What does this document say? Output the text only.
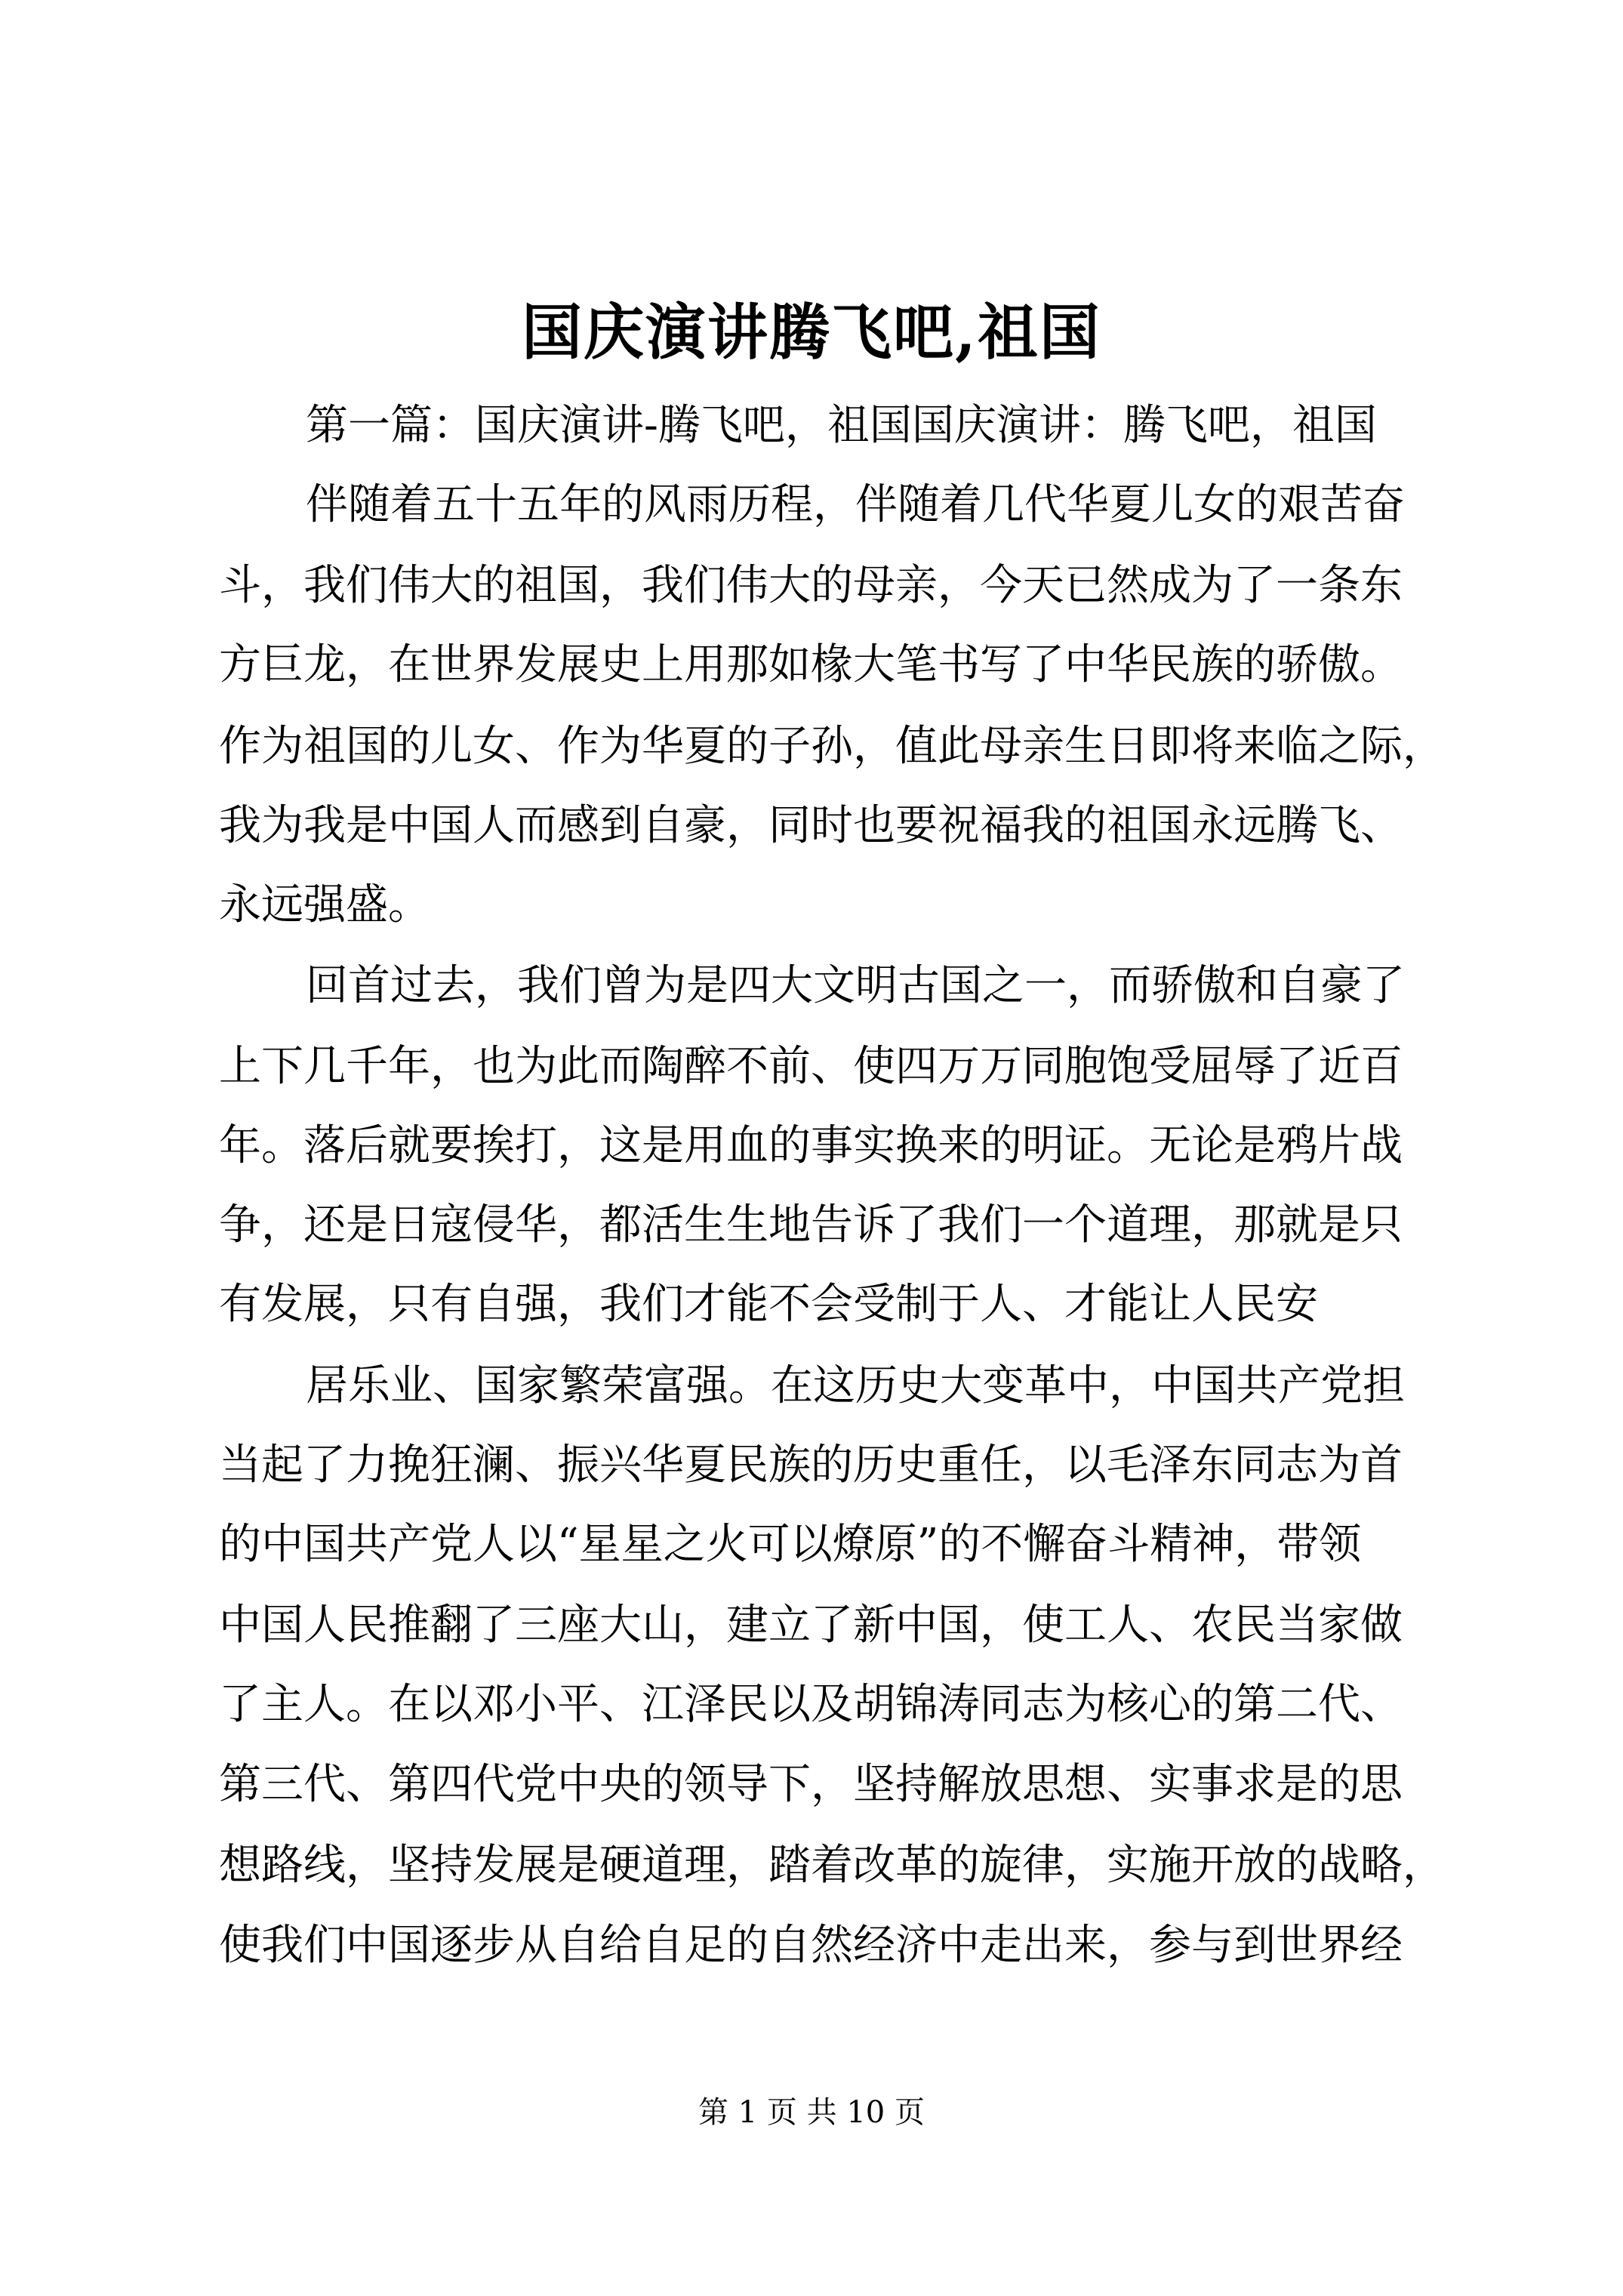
国庆演讲腾飞吧,祖国
第一篇：国庆演讲-腾飞吧，祖国国庆演讲：腾飞吧，祖国
伴随着五十五年的风雨历程，伴随着几代华夏儿女的艰苦奋
斗，我们伟大的祖国，我们伟大的母亲，今天已然成为了一条东
方巨龙，在世界发展史上用那如椽大笔书写了中华民族的骄傲。
作为祖国的儿女、作为华夏的子孙，值此母亲生日即将来临之际，
我为我是中国人而感到自豪，同时也要祝福我的祖国永远腾飞、
永远强盛。
回首过去，我们曾为是四大文明古国之一，而骄傲和自豪了
上下几千年，也为此而陶醉不前、使四万万同胞饱受屈辱了近百
年。落后就要挨打，这是用血的事实换来的明证。无论是鸦片战
争，还是日寇侵华，都活生生地告诉了我们一个道理，那就是只
有发展，只有自强，我们才能不会受制于人、才能让人民安
居乐业、国家繁荣富强。在这历史大变革中，中国共产党担
当起了力挽狂澜、振兴华夏民族的历史重任，以毛泽东同志为首
的中国共产党人以“星星之火可以燎原”的不懈奋斗精神，带领
中国人民推翻了三座大山，建立了新中国，使工人、农民当家做
了主人。在以邓小平、江泽民以及胡锦涛同志为核心的第二代、
第三代、第四代党中央的领导下，坚持解放思想、实事求是的思
想路线，坚持发展是硬道理，踏着改革的旋律，实施开放的战略，
使我们中国逐步从自给自足的自然经济中走出来，参与到世界经
第 1 页 共 10 页
